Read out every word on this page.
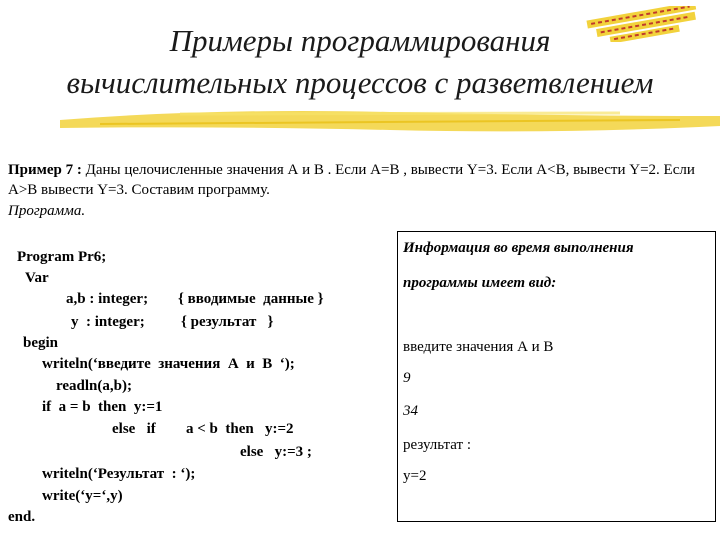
Примеры программирования
вычислительных процессов с разветвлением
Пример 7 : Даны целочисленные значения А и В . Если А=В , вывести Y=3. Если A<B, вывести Y=2. Если A>B вывести Y=3. Составим программу.
Программа.
Program Pr6;
Var
a,b : integer; { вводимые  данные }
y  : integer; { результат   }
begin
writeln(‘введите  значения  А  и  В  ‘);
readln(a,b);
if  a = b  then  y:=1
else   if a < b  then   y:=2
else   y:=3 ;
writeln(‘Результат  : ‘);
write(‘y=‘,y)
end.
Информация во время выполнения
программы имеет вид:
введите значения А и В
9
34
результат :
y=2
